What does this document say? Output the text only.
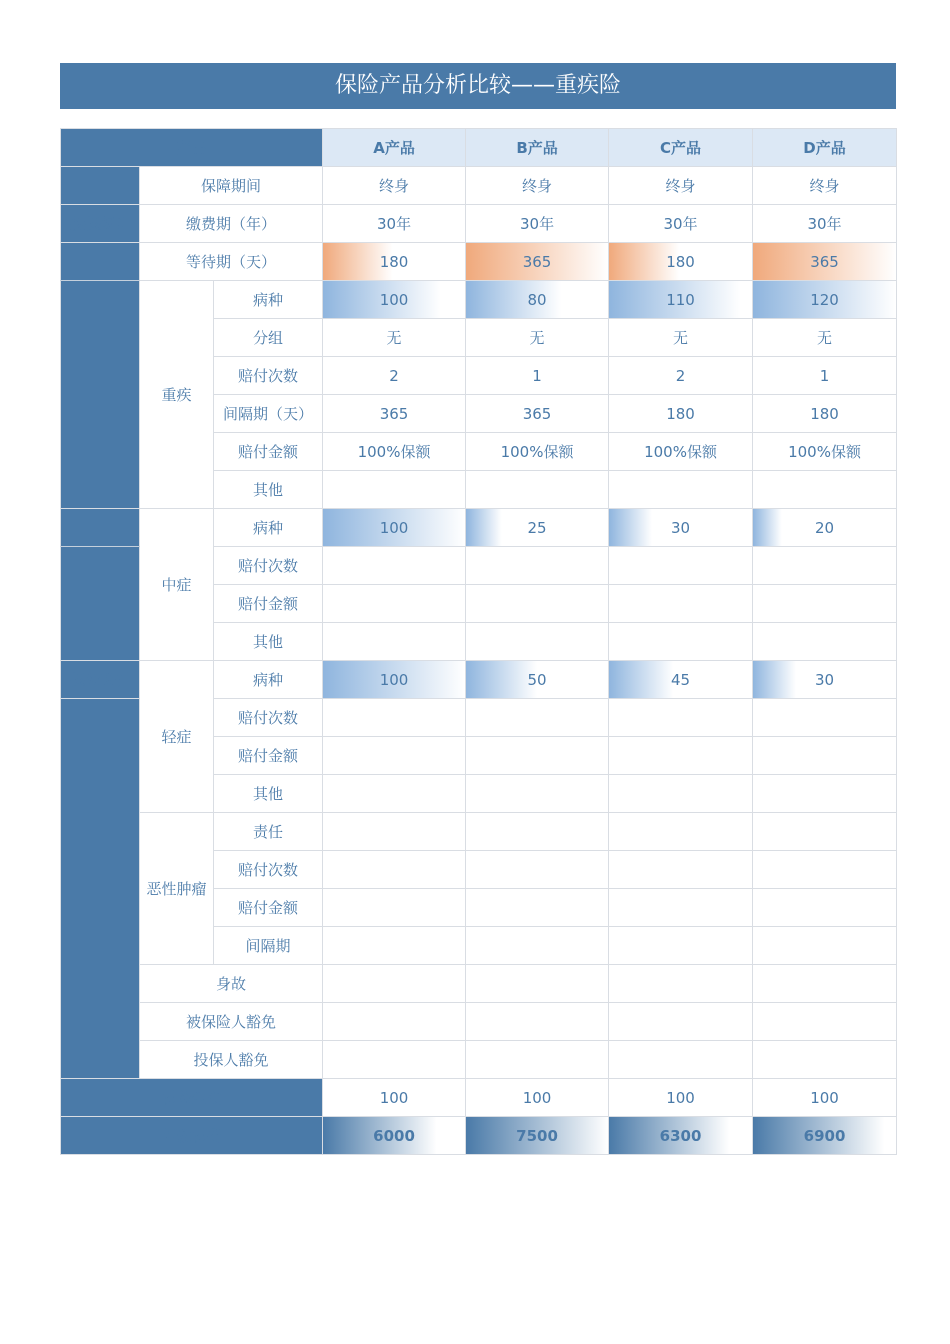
保险产品分析比较——重疾险
产品			A产品	B产品	C产品	D产品
	保障期间		终身	终身	终身	终身
投保规则	缴费期（年）		30年	30年	30年	30年
	等待期（天）		180	365	180	365
	重疾	病种	100	80	110	120
		分组	无	无	无	无
		赔付次数	2	1	2	1
		间隔期（天）	365	365	180	180
		赔付金额	100%保额	100%保额	100%保额	100%保额
		其他				
	中症	病种	100	25	30	20
		赔付次数				
		赔付金额				
		其他				
保险责任	轻症	病种	100	50	45	30
		赔付次数				
		赔付金额				
		其他				
	恶性肿瘤	责任				
		赔付次数				
		赔付金额				
		间隔期				
	身故					
	被保险人豁免					
	投保人豁免					
保险金额			100	100	100	100
年缴保费			6000	7500	6300	6900
